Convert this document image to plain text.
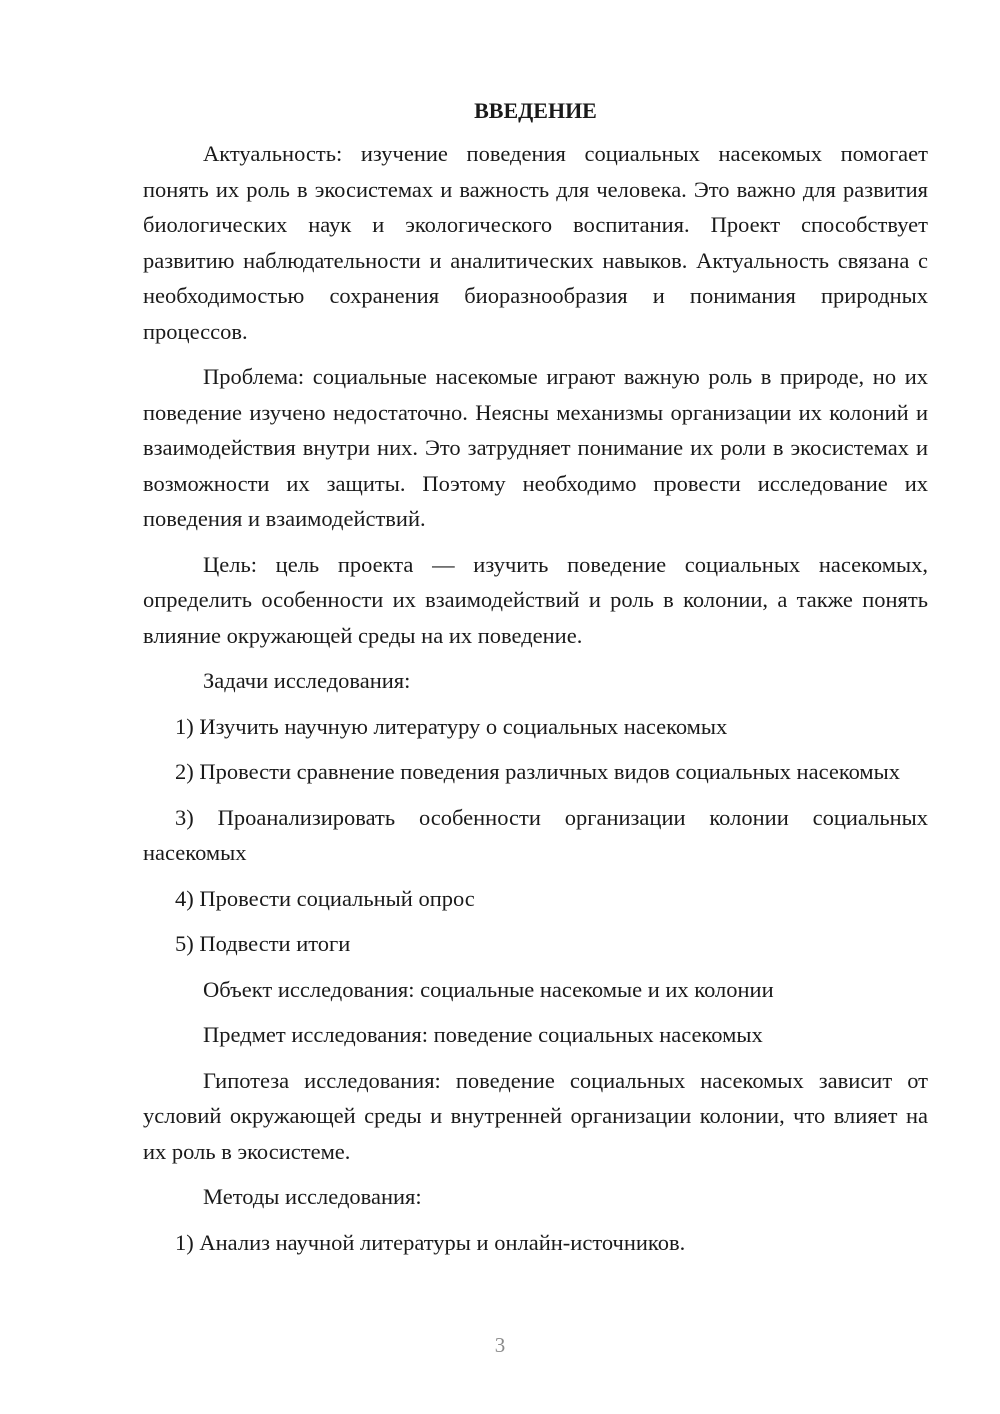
ВВЕДЕНИЕ

Актуальность: изучение поведения социальных насекомых помогает понять их роль в экосистемах и важность для человека. Это важно для развития биологических наук и экологического воспитания. Проект способствует развитию наблюдательности и аналитических навыков. Актуальность связана с необходимостью сохранения биоразнообразия и понимания природных процессов.

Проблема: социальные насекомые играют важную роль в природе, но их поведение изучено недостаточно. Неясны механизмы организации их колоний и взаимодействия внутри них. Это затрудняет понимание их роли в экосистемах и возможности их защиты. Поэтому необходимо провести исследование их поведения и взаимодействий.

Цель: цель проекта — изучить поведение социальных насекомых, определить особенности их взаимодействий и роль в колонии, а также понять влияние окружающей среды на их поведение.

Задачи исследования:

1) Изучить научную литературу о социальных насекомых

2) Провести сравнение поведения различных видов социальных насекомых

3) Проанализировать особенности организации колонии социальных насекомых

4) Провести социальный опрос

5) Подвести итоги

Объект исследования: социальные насекомые и их колонии

Предмет исследования: поведение социальных насекомых

Гипотеза исследования: поведение социальных насекомых зависит от условий окружающей среды и внутренней организации колонии, что влияет на их роль в экосистеме.

Методы исследования:

1) Анализ научной литературы и онлайн-источников.

3
